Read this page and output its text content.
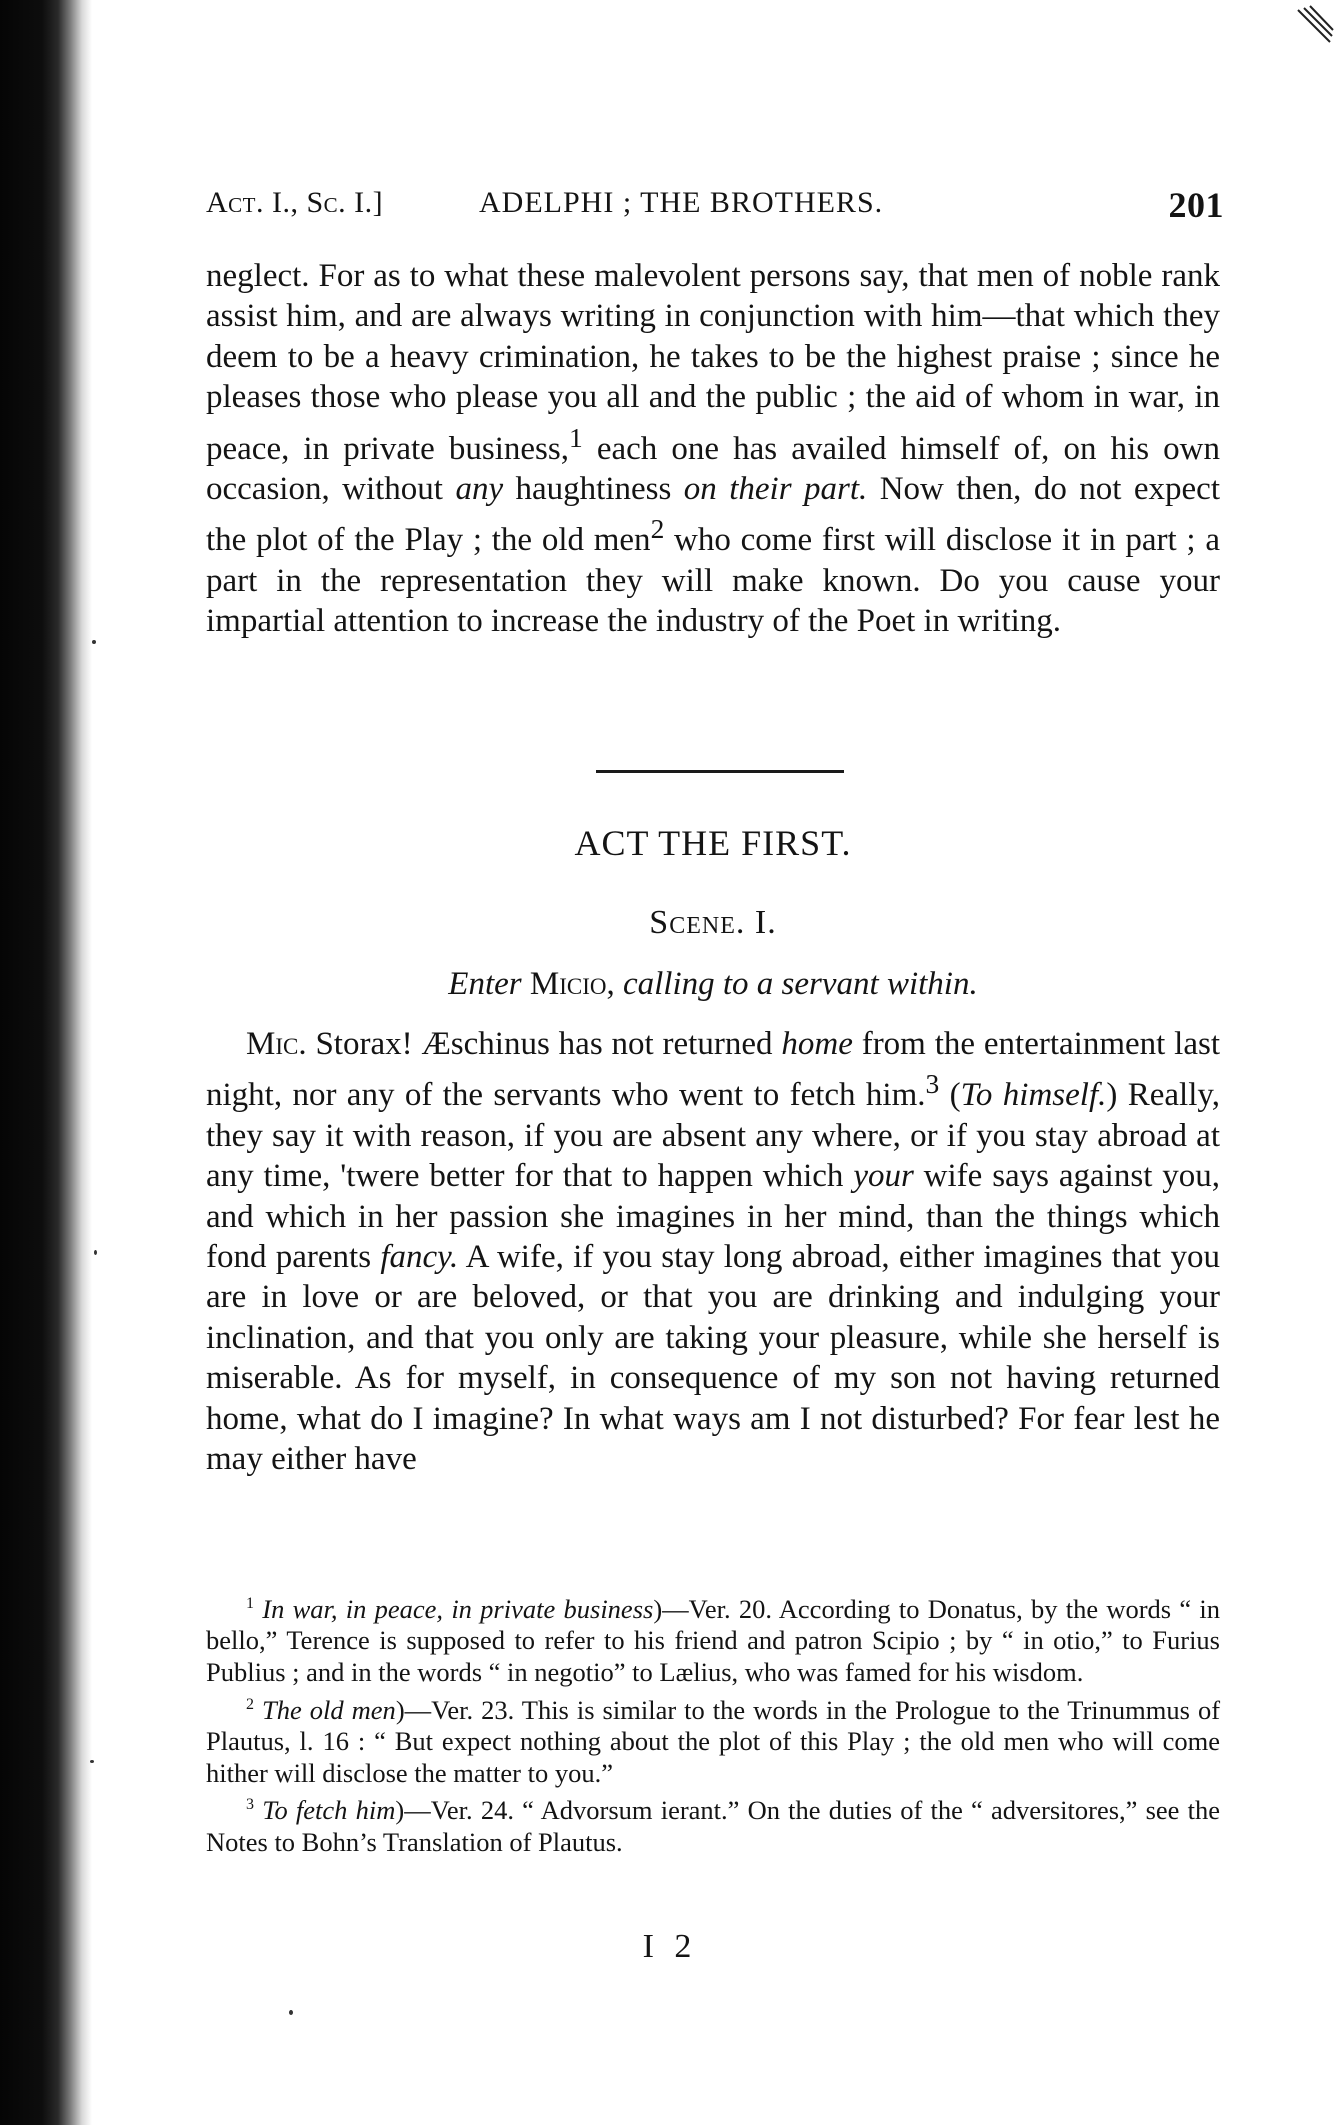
Act. I., Sc. I.]	ADELPHI ; THE BROTHERS.	201

neglect. For as to what these malevolent persons say, that men of noble rank assist him, and are always writing in conjunction with him—that which they deem to be a heavy crimination, he takes to be the highest praise ; since he pleases those who please you all and the public ; the aid of whom in war, in peace, in private business,$^1$ each one has availed himself of, on his own occasion, without any haughtiness on their part. Now then, do not expect the plot of the Play ; the old men$^2$ who come first will disclose it in part ; a part in the representation they will make known. Do you cause your impartial attention to increase the industry of the Poet in writing.

ACT THE FIRST.
Scene. I.
Enter Micio, calling to a servant within.

Mic. Storax! Æschinus has not returned home from the entertainment last night, nor any of the servants who went to fetch him.$^3$ (To himself.) Really, they say it with reason, if you are absent any where, or if you stay abroad at any time, 'twere better for that to happen which your wife says against you, and which in her passion she imagines in her mind, than the things which fond parents fancy. A wife, if you stay long abroad, either imagines that you are in love or are beloved, or that you are drinking and indulging your inclination, and that you only are taking your pleasure, while she herself is miserable. As for myself, in consequence of my son not having returned home, what do I imagine? In what ways am I not disturbed? For fear lest he may either have

$^1$ In war, in peace, in private business)—Ver. 20. According to Donatus, by the words “ in bello,” Terence is supposed to refer to his friend and patron Scipio ; by “ in otio,” to Furius Publius ; and in the words “ in negotio” to Lælius, who was famed for his wisdom.

$^2$ The old men)—Ver. 23. This is similar to the words in the Prologue to the Trinummus of Plautus, l. 16 : “ But expect nothing about the plot of this Play ; the old men who will come hither will disclose the matter to you.”

$^3$ To fetch him)—Ver. 24. “ Advorsum ierant.” On the duties of the “ adversitores,” see the Notes to Bohn’s Translation of Plautus.

I 2
